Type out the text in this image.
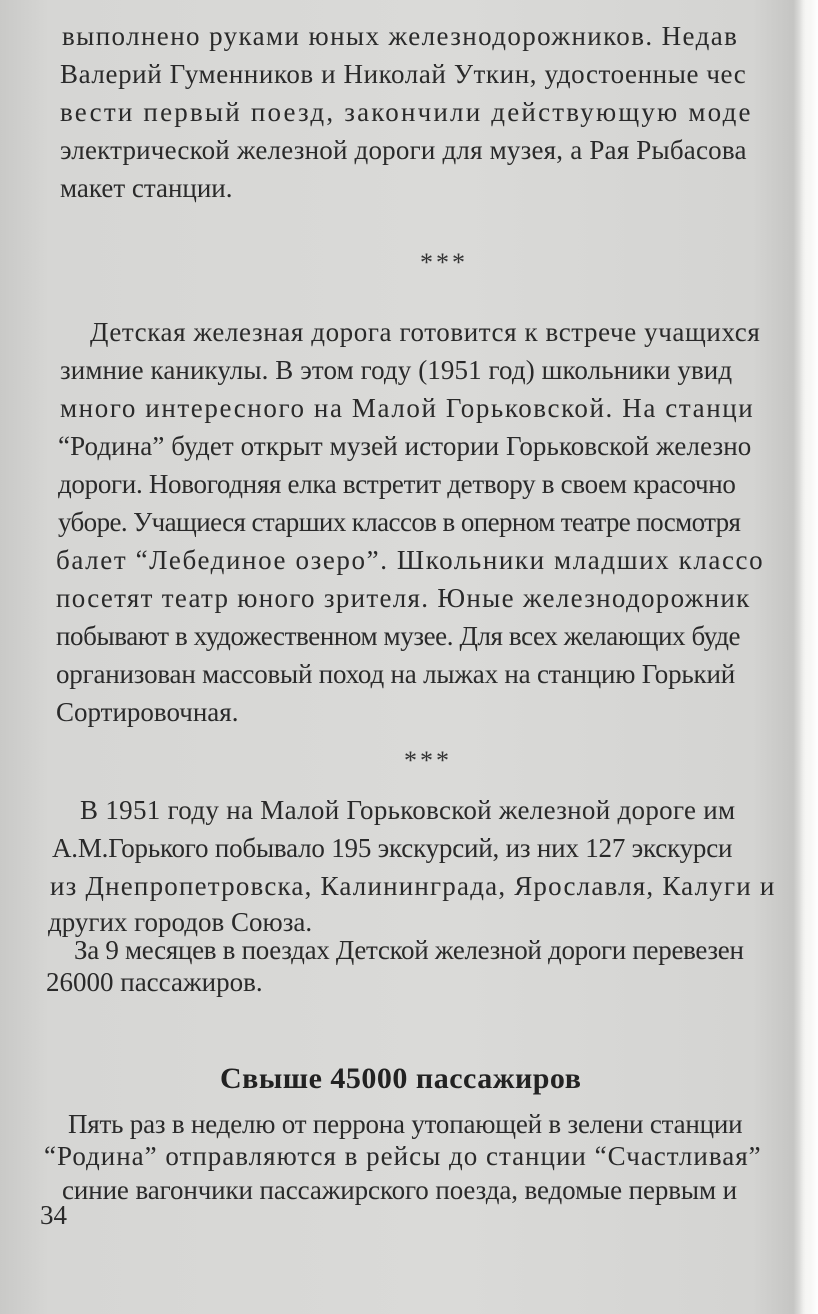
выполнено руками юных железнодорожников. Недав

Валерий Гуменников и Николай Уткин, удостоенные чес

вести первый поезд, закончили действующую моде

электрической железной дороги для музея, а Рая Рыбасова

макет станции.

***

Детская железная дорога готовится к встрече учащихся

зимние каникулы. В этом году (1951 год) школьники увид

много интересного на Малой Горьковской. На станци

“Родина” будет открыт музей истории Горьковской железно

дороги. Новогодняя елка встретит детвору в своем красочно

уборе. Учащиеся старших классов в оперном театре посмотря

балет “Лебединое озеро”. Школьники младших классо

посетят театр юного зрителя. Юные железнодорожник

побывают в художественном музее. Для всех желающих буде

организован массовый поход на лыжах на станцию Горький

Сортировочная.

***

В 1951 году на Малой Горьковской железной дороге им

А.М.Горького побывало 195 экскурсий, из них 127 экскурси

из Днепропетровска, Калининграда, Ярославля, Калуги и

других городов Союза.

За 9 месяцев в поездах Детской железной дороги перевезен

26000 пассажиров.

Свыше 45000 пассажиров

Пять раз в неделю от перрона утопающей в зелени станции

“Родина” отправляются в рейсы до станции “Счастливая”

синие вагончики пассажирского поезда, ведомые первым и

34
